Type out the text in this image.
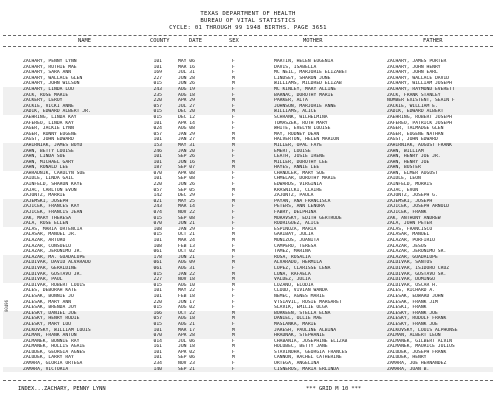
TEXAS DEPARTMENT OF HEALTH
BUREAU OF VITAL STATISTICS
CYCLE: 01 THROUGH 99 1948 BIRTHS. PAGE 3651
NAME	COUNTY	DATE	SEX	MOTHER	FATHER
ZACHARY, PENNY LYNN	101	MAY 06	F	MARTIN, HELEN EUGENIA	ZACHARY, JAMES PORTER
ZACHARY, RUTHIE MAE	101	MAR 16	F	DAVIS, ISABELLA	ZACHARY, JOHN HENRY
ZACHARY, SARA ANN	169	JUL 31	F	MC NEIL, MARJORIE ELIZABET	ZACHARY, JOHN EARL
ZACHARY, WALLACE GLEN	227	JUN 28	M	LINDSEY, SHARON JUNE	ZACHARY, WALLACE DAVID
ZACHARY, JOHN WILSON	015	JUN 26	M	WILLIAMS, MILDRED ELIZAB	ZACHARY, WILLIAM JOSEPH
ZACHARY, LINDA LOU	243	AUG 19	F	MC KINLEY, MARY ALLINE	ZACHARY, RAYMOND EVERETT
ZACK, ROSE MARIE	235	AUG 18	F	BARNAC, DOROTHY MARIE	ZACK, FRANK STANLEY
ZACKERY, LEROY	220	APR 29	M	PARKER, ALTA	NUMBER EXISTENT, SEAIN F
ZACKIE, VICKI ANNE	057	JUL 27	F	JOHNSON, MARJORIE ANNE	ZACKIE, WILLIAM E.
ZADIK, EDWARD ALBERT JR.	015	DEC 20	M	WILLIAMS, ALICE	ZADIK, EDWARD ALBERT
ZAEHRING, LINDA KAY	015	DEC 12	F	SCHRANK, WILHELMINA	ZAEHRING, ROBERT JOSEPH
ZAFEREO, LINDA KAY	101	APR 14	F	TOMASZEK, RUTH MARY	ZAFEREO, PATRICK JOSEPH
ZAGER, JACKIE LYNN	024	AUG 08	F	WHITE, EVELYN LOUISE	ZAGER, TALMADGE GLEN
ZAGER, RONNY EUGENE	057	JAN 29	M	MAY, RODNEY DEAN	ZAGER, EUGENE NATHAN
ZAGST, JOHN EDWARD	101	JAN 27	M	HALVERTON, HELEN MARION	ZAGST, JOHN EDWARD
ZAHIRNIAK, JAMES BOYD	153	MAY 31	M	MILLER, OPAL FAYE	ZAHIRNIAK, AUGUST FRANK
ZAHN, BETTY LOUISE	246	JAN 20	F	EMERT, LOUISE	ZAHN, WILLIAM
ZAHN, LINDA SUE	101	SEP 26	F	LEATH, JOSIE IRENE	ZAHN, HENRY JOE JR.
ZAHN, MICHAEL GARY	101	JUN 16	M	MILLER, DOROTHY LEE	ZAHN, HENRY JOE
ZAHN, RONALD LEE	187	SEP 07	M	HAYES, ANNIE LEE	ZAHN, BUSTER
ZAHRADNIK, CAROLYN SUE	070	APR 08	F	CHANDLER, MARY SUE	ZAHN, ELMER AUGUST
ZAIDLE, LINDA GAIL	101	SEP 08	F	CHMELAR, DOROTHY MARIE	ZAIDLE, LEON
ZAINFELD, SHARON KAYE	220	JUN 26	F	EDWARDS, VIRGINIA	ZAINFELD, MORRIS
ZAJAC, CARLTON EVON	057	SEP 05	M	KRASNICKI, CLAIRE	ZAJAC, EVON
ZAJONTZ, MARRIE	142	DEC 29	F	ZAJONTZ, PAULA	ZAJONTZ, JOSEPH G.
ZAJEMSKI, JOSEPH	021	MAY 25	M	PAYAN, ANA FRANCISCA	ZAJEMSKI, JOSEPH
ZAJICEK, FRANCES KAY	243	MAR 14	F	PETERS, ANN LENORA	ZAJICEK, JOSEPH ARNOLD
ZAJICEK, FRANCIS JEAN	074	NOV 22	F	FABRY, DELPHINA	ZAJICEK, FRANK
ZAK, MARY THERESA	015	SEP 08	F	MORAVSKY, EDITH GERTRUDE	ZAK, ANTHONY ANDREW
ZALA, ROSE ELLEN	070	JUN 21	F	RODRIGUEZ, ALICE	ZALA, JOHN PETER
ZALAS, MARIA ORTENCIA	108	JAN 29	F	ESPINOZA, MARIA	ZALAS, FRANCISCO
ZALASAR, MANUEL JR.	015	OCT 21	M	GARIBAY, JULIA	ZALASAR, MANUEL
ZALAZAR, ARTURO	101	MAR 24	M	MUNIZOS, JUANITA	ZALAZAR, PORFIRIO
ZALAZAR, CONSUELO	108	FEB 13	F	CAMPERO, TERESA	ZALAZAR, JESUS
ZALAZAR, JERONIMO JR.	061	OCT 02	M	TAMEZ, MARINA	ZALAZAR, JERONIMO SR.
ZALAZAR, MA. GUADALUPE	178	JUN 21	F	ROSA, ROSALIA	ZALAZAR, GUADALUPE
ZALDIVAR, DAVID ALVARADO	061	AUG 09	M	ALVARADO, HERMILA	ZALDIVAR, SANTOS
ZALDIVAR, GERALDINE	061	AUG 31	F	LOPEZ, CLARISSE LENA	ZALDIVAR, ISIDORO CRUZ
ZALDIVAR, GUSTAVO JR.	015	JAN 22	M	LUNA, RAFAELA	ZALDIVAR, GUSTAVO SR.
ZALDIVAR, PAUL	227	NOV 18	M	VALDEZ, JULIA	ZALDIVAR, DOMINGO
ZALDIVAR, ROBERT LOUIS	015	AUG 10	M	LOZANO, ELODIA	ZALDIVAR, OSCAR H.
ZALES, DEBORAH KATE	101	MAY 22	F	CLOUD, VIVIAN WANDA	ZALES, RICHARD A.
ZALESAK, BONNIE JO	101	FEB 18	F	NEMEC, AGNES MARIE	ZALESAK, EDWARD JOHN
ZALESAK, MARY ANN	220	JUN 17	F	VTSIAVIL, ROSIE MARGARET	ZALESAK, FRANK JIM
ZALESAK, BRENDA JOY	015	AUG 02	F	SLAVIK, EMILIE OLGA	ZALESKI, FRANK
ZALESKY, DANIEL JOE	166	OCT 22	M	BURKEEN, STELLA ELNA	ZALESKY, FRANK JOE
ZALESKY, HENRY RUDIE	057	AUG 18	M	DANIEL, OLLIE MAE	ZALESKY, RUDOLF FRANK
ZALESKY, MARY LOU	015	AUG 21	F	MASLANKA, MARIE	ZALESKY, FRANK JOE
ZALKOVSKY, WILLIAM LOUIS	101	MAR 17	M	JARESH, PAULINE ALBINA	ZALKOVSKY, LOUIS ALPHONSE
ZALMAN, FRANK ANTON	070	APR 28	M	HRADNAK, STEPHANIE	ZALMAN, ALBERT LEON
ZALMANEK, BONNIE RAY	014	JUL 06	F	CHABANIA, JOSEPHINE ELIZAB	ZALMANEK, GILBERT ALVIN
ZALMANEK, HOLLIS AGAIE	161	JUN 18	M	HOLUBEC, BETTY JANE	ZALMANEK, MAURICE JULIUS
ZALUDEK, GEORGIA AGNES	101	APR 02	F	STAVINOHA, GEORGIA FRANCES	ZALUDEK, JOSEPH FRANK
ZALUDEK, LARRY RAY	101	SEP 06	M	CANNON, RACHEL CATHERINE	ZALUDEK, HENRY
ZAMARA, GLORIA ORTEGA	234	NOV 23	F	ORTEGA, ANGELINA	ZAMARA, JOE HERNANDEZ
ZAMARA, VICTORIA	140	SEP 21	F	CISNEROS, MARIA ERLINDA	ZAMARA, JUAN B.
00496
INDEX...ZACHARY, PENNY LYNN	*** GRID M 10 ***
